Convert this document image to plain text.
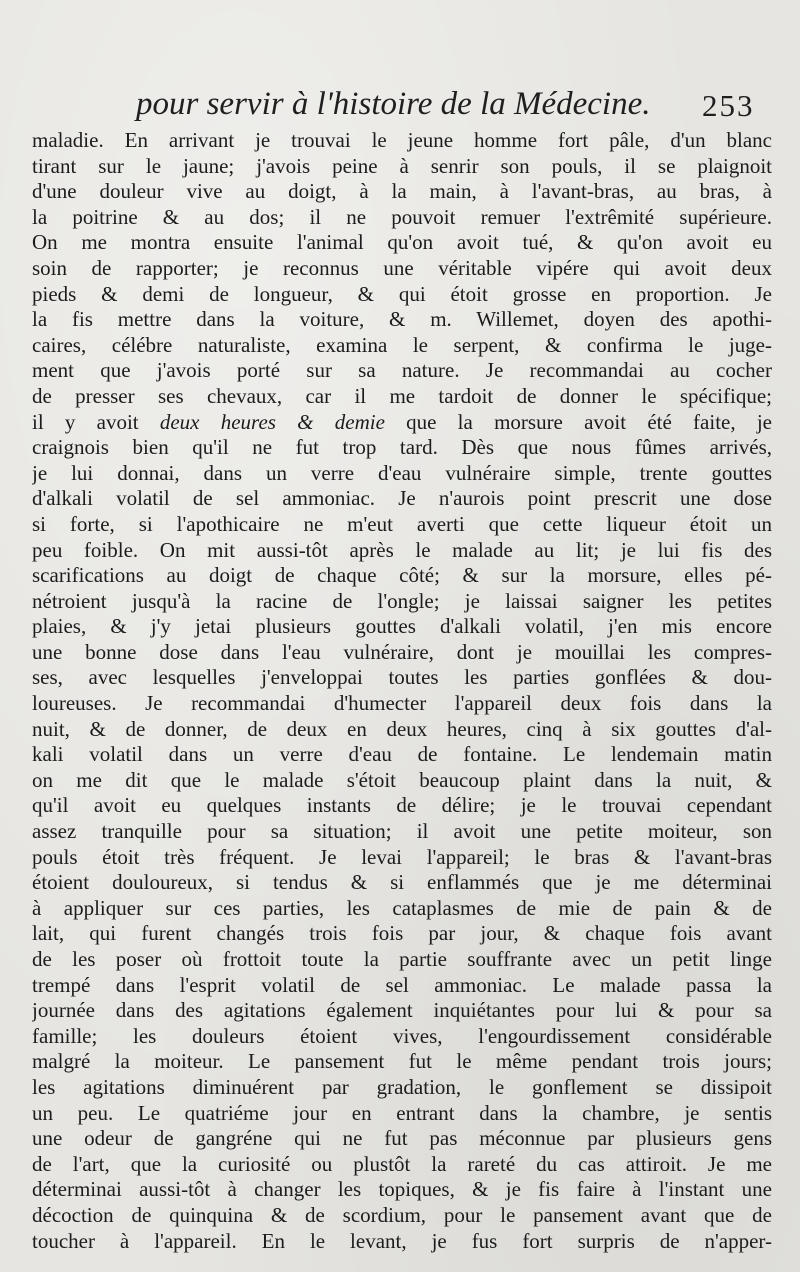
pour servir à l'histoire de la Médecine. 253
maladie. En arrivant je trouvai le jeune homme fort pâle, d'un blanc
tirant sur le jaune; j'avois peine à senrir son pouls, il se plaignoit
d'une douleur vive au doigt, à la main, à l'avant-bras, au bras, à
la poitrine & au dos; il ne pouvoit remuer l'extrêmité supérieure.
On me montra ensuite l'animal qu'on avoit tué, & qu'on avoit eu
soin de rapporter; je reconnus une véritable vipére qui avoit deux
pieds & demi de longueur, & qui étoit grosse en proportion. Je
la fis mettre dans la voiture, & m. Willemet, doyen des apothi-
caires, célébre naturaliste, examina le serpent, & confirma le juge-
ment que j'avois porté sur sa nature. Je recommandai au cocher
de presser ses chevaux, car il me tardoit de donner le spécifique;
il y avoit deux heures & demie que la morsure avoit été faite, je
craignois bien qu'il ne fut trop tard. Dès que nous fûmes arrivés,
je lui donnai, dans un verre d'eau vulnéraire simple, trente gouttes
d'alkali volatil de sel ammoniac. Je n'aurois point prescrit une dose
si forte, si l'apothicaire ne m'eut averti que cette liqueur étoit un
peu foible. On mit aussi-tôt après le malade au lit; je lui fis des
scarifications au doigt de chaque côté; & sur la morsure, elles pé-
nétroient jusqu'à la racine de l'ongle; je laissai saigner les petites
plaies, & j'y jetai plusieurs gouttes d'alkali volatil, j'en mis encore
une bonne dose dans l'eau vulnéraire, dont je mouillai les compres-
ses, avec lesquelles j'enveloppai toutes les parties gonflées & dou-
loureuses. Je recommandai d'humecter l'appareil deux fois dans la
nuit, & de donner, de deux en deux heures, cinq à six gouttes d'al-
kali volatil dans un verre d'eau de fontaine. Le lendemain matin
on me dit que le malade s'étoit beaucoup plaint dans la nuit, &
qu'il avoit eu quelques instants de délire; je le trouvai cependant
assez tranquille pour sa situation; il avoit une petite moiteur, son
pouls étoit très fréquent. Je levai l'appareil; le bras & l'avant-bras
étoient douloureux, si tendus & si enflammés que je me déterminai
à appliquer sur ces parties, les cataplasmes de mie de pain & de
lait, qui furent changés trois fois par jour, & chaque fois avant
de les poser où frottoit toute la partie souffrante avec un petit linge
trempé dans l'esprit volatil de sel ammoniac. Le malade passa la
journée dans des agitations également inquiétantes pour lui & pour sa
famille; les douleurs étoient vives, l'engourdissement considérable
malgré la moiteur. Le pansement fut le même pendant trois jours;
les agitations diminuérent par gradation, le gonflement se dissipoit
un peu. Le quatriéme jour en entrant dans la chambre, je sentis
une odeur de gangréne qui ne fut pas méconnue par plusieurs gens
de l'art, que la curiosité ou plustôt la rareté du cas attiroit. Je me
déterminai aussi-tôt à changer les topiques, & je fis faire à l'instant une
décoction de quinquina & de scordium, pour le pansement avant que de
toucher à l'appareil. En le levant, je fus fort surpris de n'apper-
